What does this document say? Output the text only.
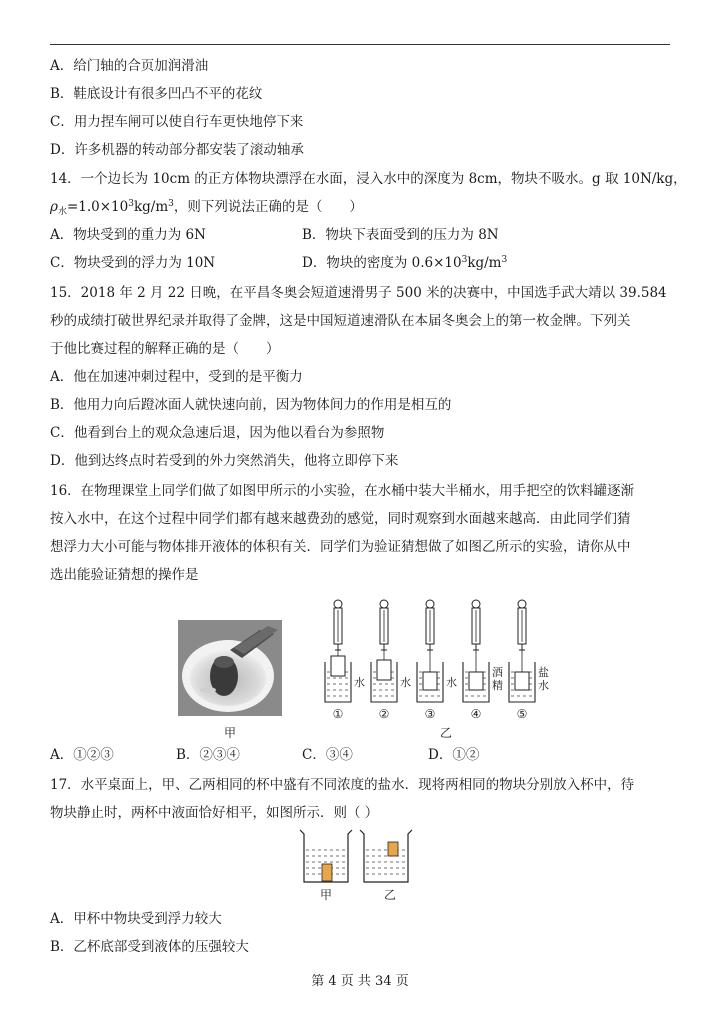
A．给门轴的合页加润滑油
B．鞋底设计有很多凹凸不平的花纹
C．用力捏车闸可以使自行车更快地停下来
D．许多机器的转动部分都安装了滚动轴承
14．一个边长为 10cm 的正方体物块漂浮在水面，浸入水中的深度为 8cm，物块不吸水。g 取 10N/kg，
$\rho_水=1.0\times 10^3kg/m^3$，则下列说法正确的是（　　）
A．物块受到的重力为 6N	B．物块下表面受到的压力为 8N
C．物块受到的浮力为 10N	D．物块的密度为 $0.6\times 10^3kg/m^3$
15．2018 年 2 月 22 日晚，在平昌冬奥会短道速滑男子 500 米的决赛中，中国选手武大靖以 39.584
秒的成绩打破世界纪录并取得了金牌，这是中国短道速滑队在本届冬奥会上的第一枚金牌。下列关
于他比赛过程的解释正确的是（　　）
A．他在加速冲刺过程中，受到的是平衡力
B．他用力向后蹬冰面人就快速向前，因为物体间力的作用是相互的
C．他看到台上的观众急速后退，因为他以看台为参照物
D．他到达终点时若受到的外力突然消失，他将立即停下来
16．在物理课堂上同学们做了如图甲所示的小实验，在水桶中装大半桶水，用手把空的饮料罐逐渐
按入水中，在这个过程中同学们都有越来越费劲的感觉，同时观察到水面越来越高．由此同学们猜
想浮力大小可能与物体排开液体的体积有关．同学们为验证猜想做了如图乙所示的实验，请你从中
选出能验证猜想的操作是
甲
水
①
水
②
水
③
酒
精
④
盐
水
⑤
乙
A．①②③	B．②③④	C．③④	D．①②
17．水平桌面上，甲、乙两相同的杯中盛有不同浓度的盐水．现将两相同的物块分别放入杯中，待
物块静止时，两杯中液面恰好相平，如图所示．则（ ）
甲	乙
A．甲杯中物块受到浮力较大
B．乙杯底部受到液体的压强较大
第 4 页 共 34 页
